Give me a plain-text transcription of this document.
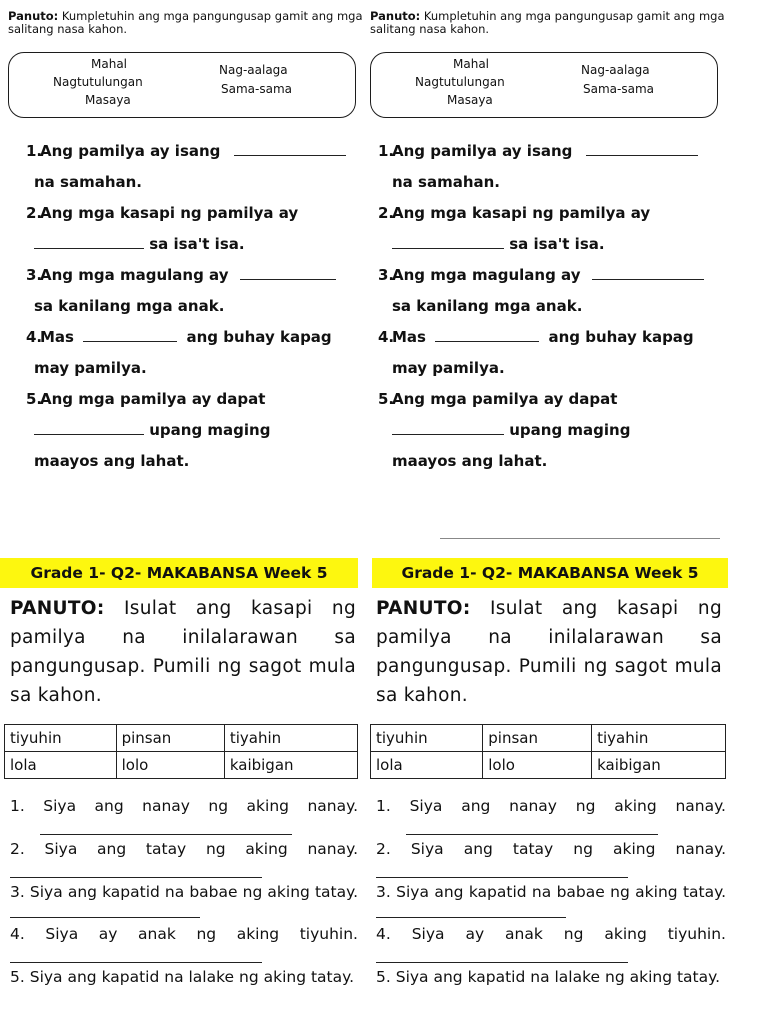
Panuto: Kumpletuhin ang mga pangungusap gamit ang mga salitang nasa kahon.

Mahal
Nagtutulungan
Masaya
Nag-aalaga
Sama-sama
1.Ang pamilya ay isang
na samahan.
2.Ang mga kasapi ng pamilya ay
sa isa't isa.
3.Ang mga magulang ay
sa kanilang mga anak.
4.Mas	ang buhay kapag
may pamilya.
5.Ang mga pamilya ay dapat
upang maging
maayos ang lahat.

Panuto: Kumpletuhin ang mga pangungusap gamit ang mga salitang nasa kahon.

Mahal
Nagtutulungan
Masaya
Nag-aalaga
Sama-sama
1.Ang pamilya ay isang
na samahan.
2.Ang mga kasapi ng pamilya ay
sa isa't isa.
3.Ang mga magulang ay
sa kanilang mga anak.
4.Mas	ang buhay kapag
may pamilya.
5.Ang mga pamilya ay dapat
upang maging
maayos ang lahat.
Grade 1- Q2- MAKABANSA Week 5

PANUTO: Isulat ang kasapi ng pamilya na inilalarawan sa pangungusap. Pumili ng sagot mula sa kahon.

tiyuhin	pinsan	tiyahin
lola	lolo	kaibigan
1. Siya ang nanay ng aking nanay.
2. Siya ang tatay ng aking nanay.
3. Siya ang kapatid na babae ng aking tatay.
4. Siya ay anak ng aking tiyuhin.
5. Siya ang kapatid na lalake ng aking tatay.
Grade 1- Q2- MAKABANSA Week 5

PANUTO: Isulat ang kasapi ng pamilya na inilalarawan sa pangungusap. Pumili ng sagot mula sa kahon.

tiyuhin	pinsan	tiyahin
lola	lolo	kaibigan
1. Siya ang nanay ng aking nanay.
2. Siya ang tatay ng aking nanay.
3. Siya ang kapatid na babae ng aking tatay.
4. Siya ay anak ng aking tiyuhin.
5. Siya ang kapatid na lalake ng aking tatay.
